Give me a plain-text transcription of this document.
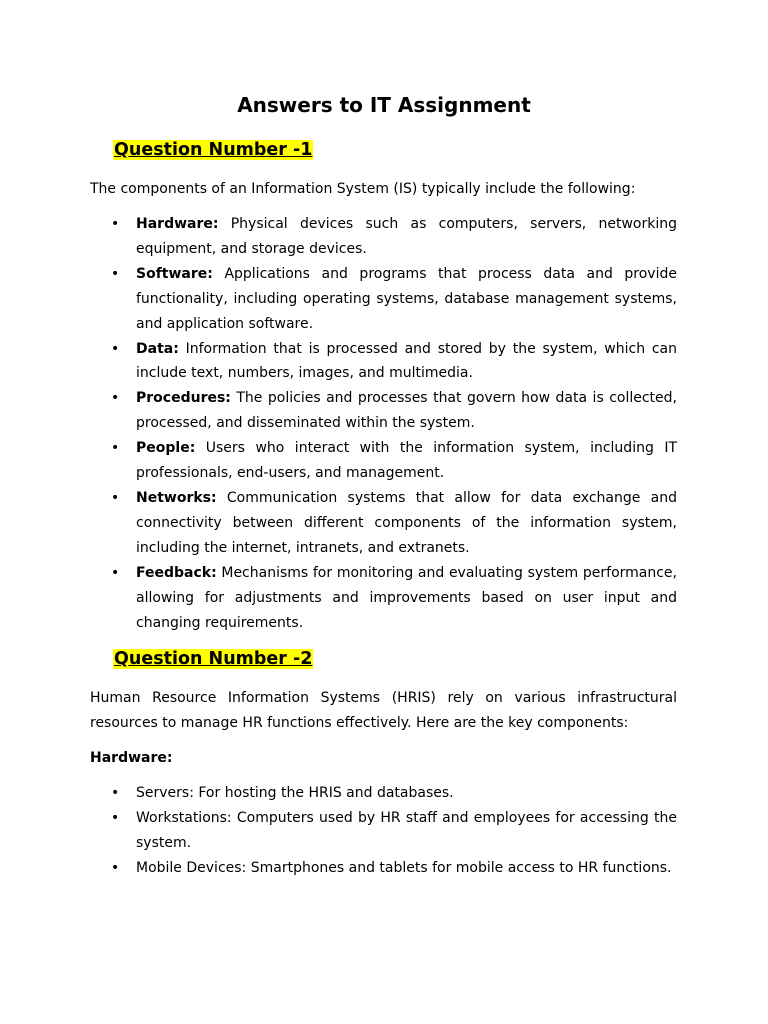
Answers to IT Assignment
Question Number -1

The components of an Information System (IS) typically include the following:

• Hardware: Physical devices such as computers, servers, networking equipment, and storage devices.
• Software: Applications and programs that process data and provide functionality, including operating systems, database management systems, and application software.
• Data: Information that is processed and stored by the system, which can include text, numbers, images, and multimedia.
• Procedures: The policies and processes that govern how data is collected, processed, and disseminated within the system.
• People: Users who interact with the information system, including IT professionals, end-users, and management.
• Networks: Communication systems that allow for data exchange and connectivity between different components of the information system, including the internet, intranets, and extranets.
• Feedback: Mechanisms for monitoring and evaluating system performance, allowing for adjustments and improvements based on user input and changing requirements.
Question Number -2

Human Resource Information Systems (HRIS) rely on various infrastructural resources to manage HR functions effectively. Here are the key components:

Hardware:

• Servers: For hosting the HRIS and databases.
• Workstations: Computers used by HR staff and employees for accessing the system.
• Mobile Devices: Smartphones and tablets for mobile access to HR functions.
